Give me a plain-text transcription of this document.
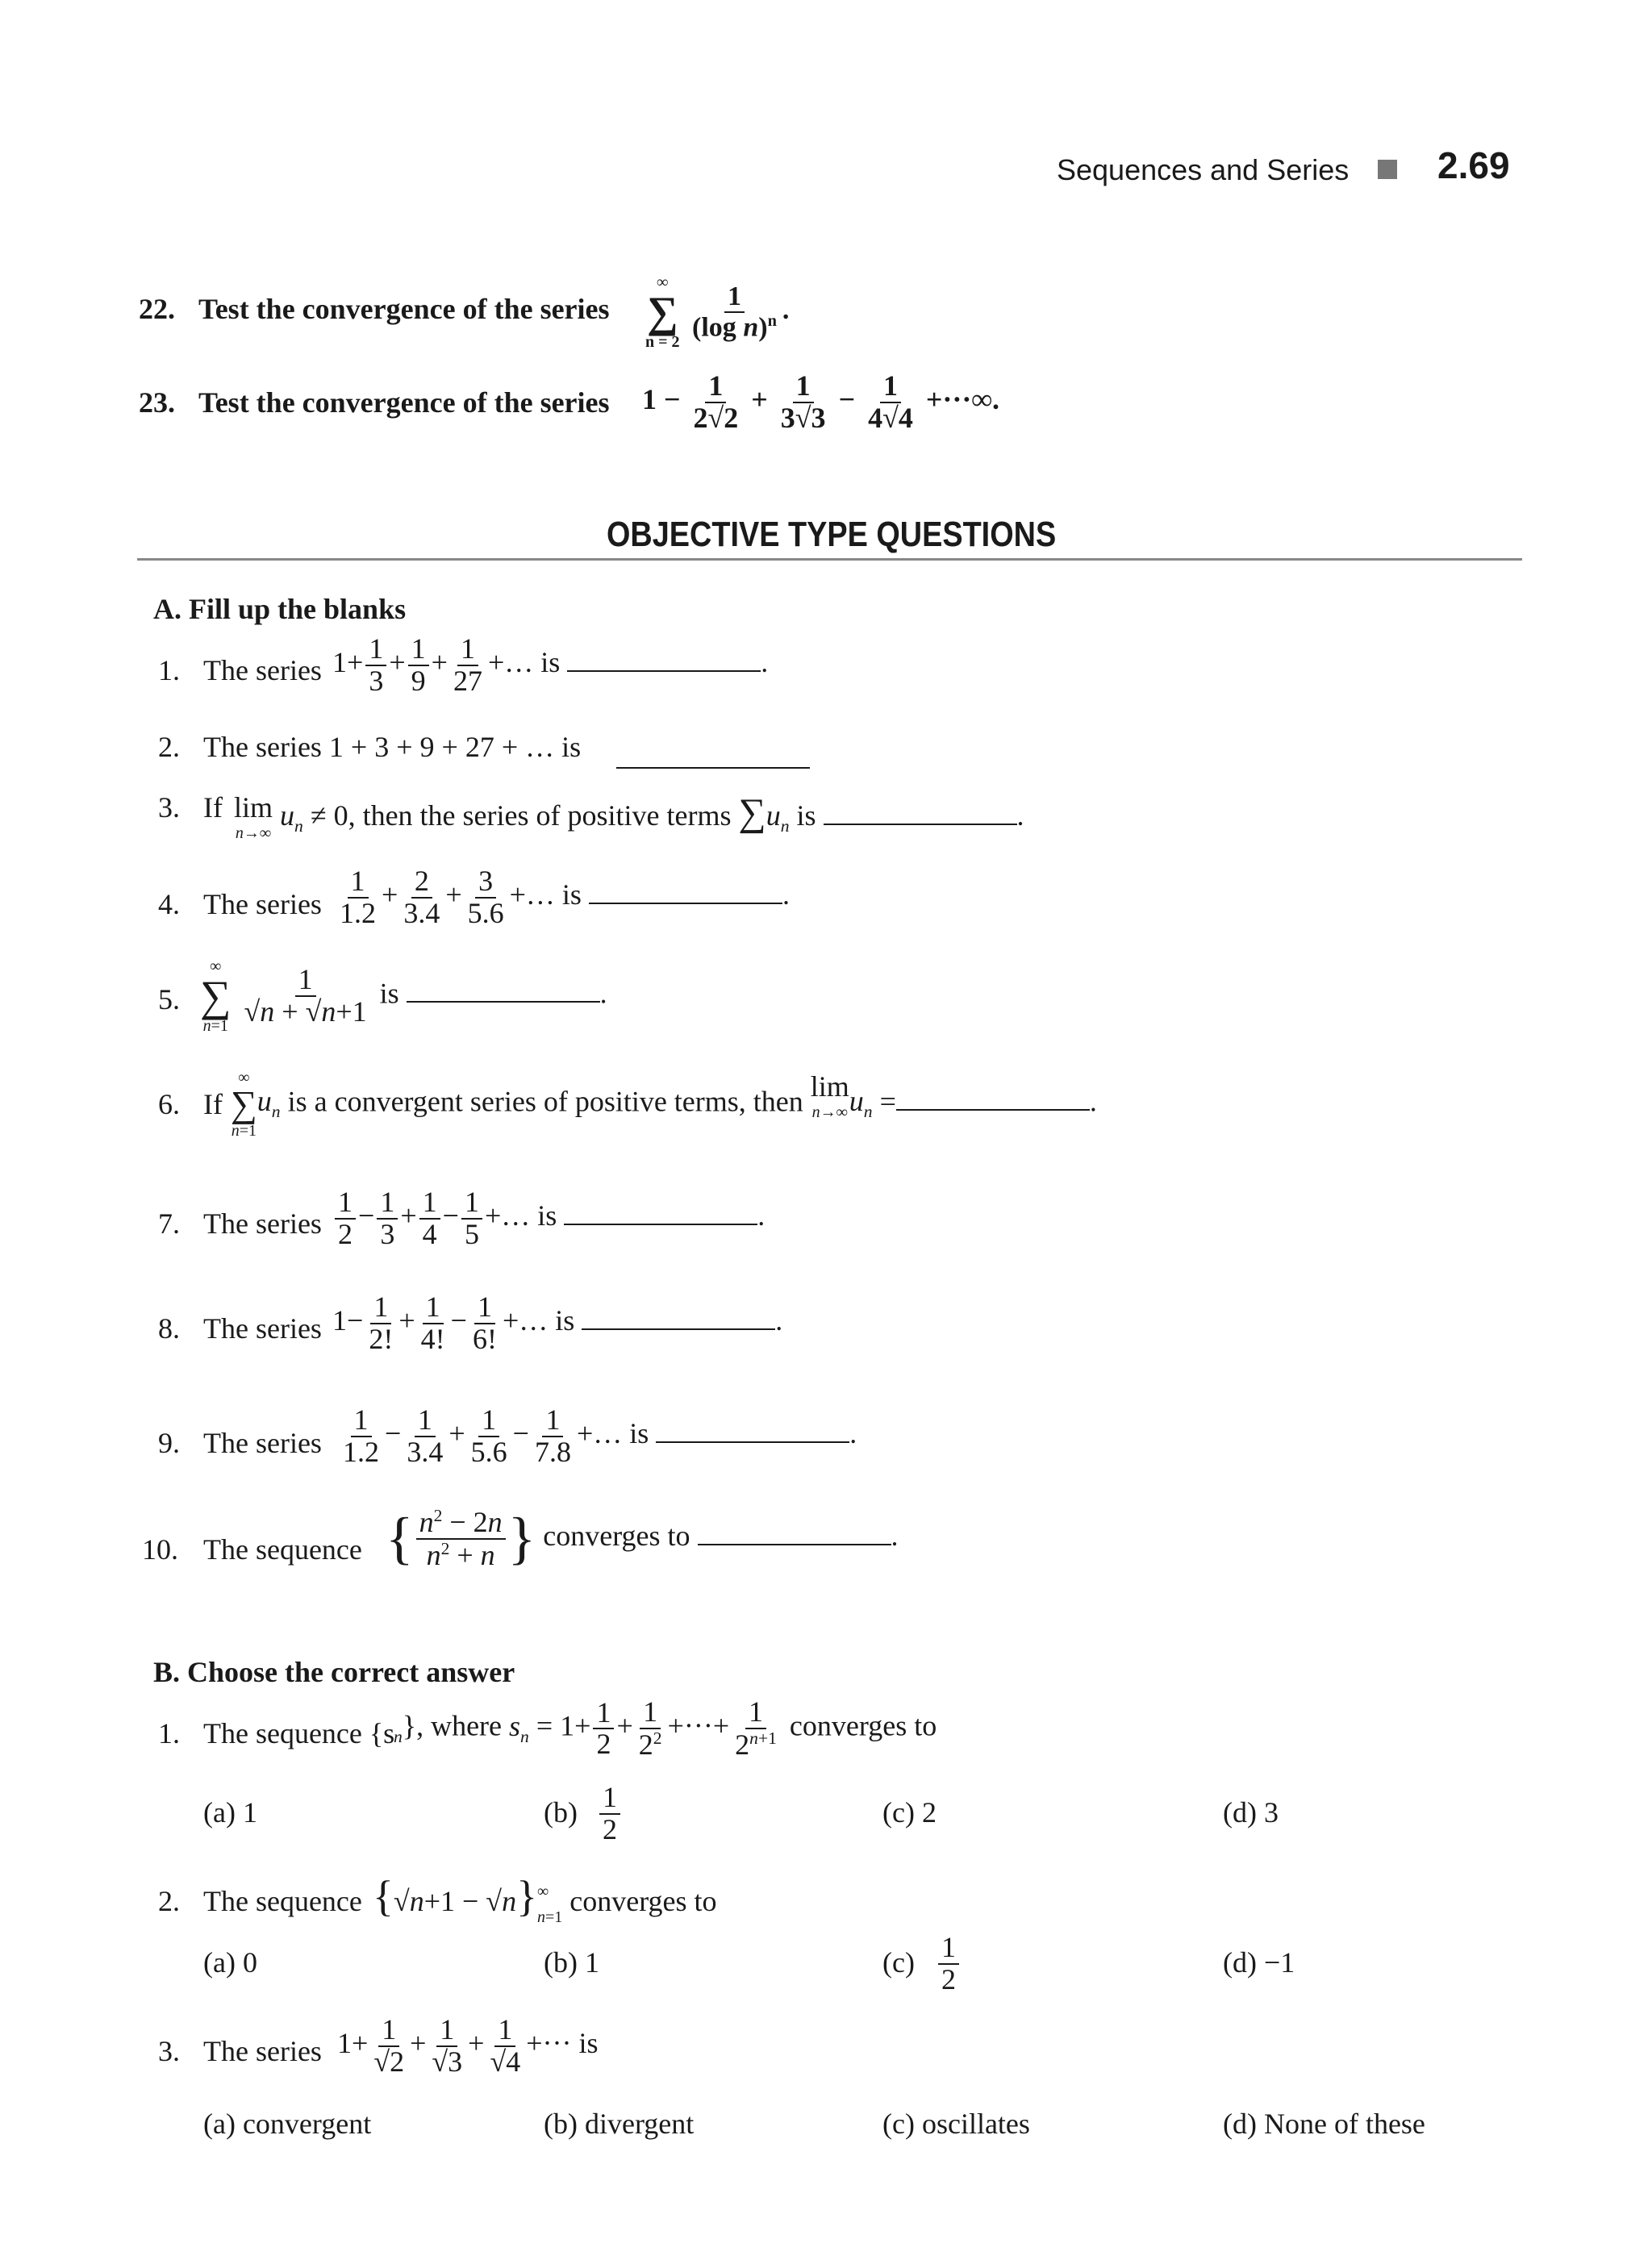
Sequences and Series 2.69
22. Test the convergence of the series
∞
∑
n = 2

$\frac{1}{(\log n)^n}$ .
23. Test the convergence of the series $1 - \frac{1}{2√2} + \frac{1}{3√3} - \frac{1}{4√4}$ +···∞.
OBJECTIVE TYPE QUESTIONS
A. Fill up the blanks
1. The series $1+ \frac{1}{3} + \frac{1}{9} + \frac{1}{27}$ +… is	.
2. The series 1 + 3 + 9 + 27 + … is
3. If lim
n→∞
$u_n \ne 0$, then the series of positive terms $\sum u_n$ is	.
4. The series $\frac{1}{1.2} + \frac{2}{3.4} + \frac{3}{5.6}$ +… is	.
5.
∞
∑
n=1
$\frac{1}{√n + √n+1}$ is	.
6. If
∞
∑
n=1
$u_n$ is a convergent series of positive terms, then lim
n→∞ $u_n$ =	.
7. The series $\frac{1}{2} - \frac{1}{3} + \frac{1}{4} - \frac{1}{5}$ +… is	.
8. The series $1- \frac{1}{2!} + \frac{1}{4!} - \frac{1}{6!}$ +… is	.
9. The series $\frac{1}{1.2} - \frac{1}{3.4} + \frac{1}{5.6} - \frac{1}{7.8}$ +… is	.
10. The sequence { $\frac{n^2 - 2n}{n^2 + n}$ } converges to	.
B. Choose the correct answer
1. The sequence {s
$_n$}, where $s_n = 1+ \frac{1}{2} + \frac{1}{2^2}$ +···+ $\frac{1}{2^{n+1}}$ converges to
(a) 1	$(b) \frac{1}{2}$	(c) 2	(d) 3
2. The sequence {√n+1 − √n} ∞
n=1 converges to
(a) 0	(b) 1	$(c) \frac{1}{2}$	(d) −1
3. The series $1+ \frac{1}{√2} + \frac{1}{√3} + \frac{1}{√4}$ +··· is
(a) convergent	(b) divergent	(c) oscillates	(d) None of these
